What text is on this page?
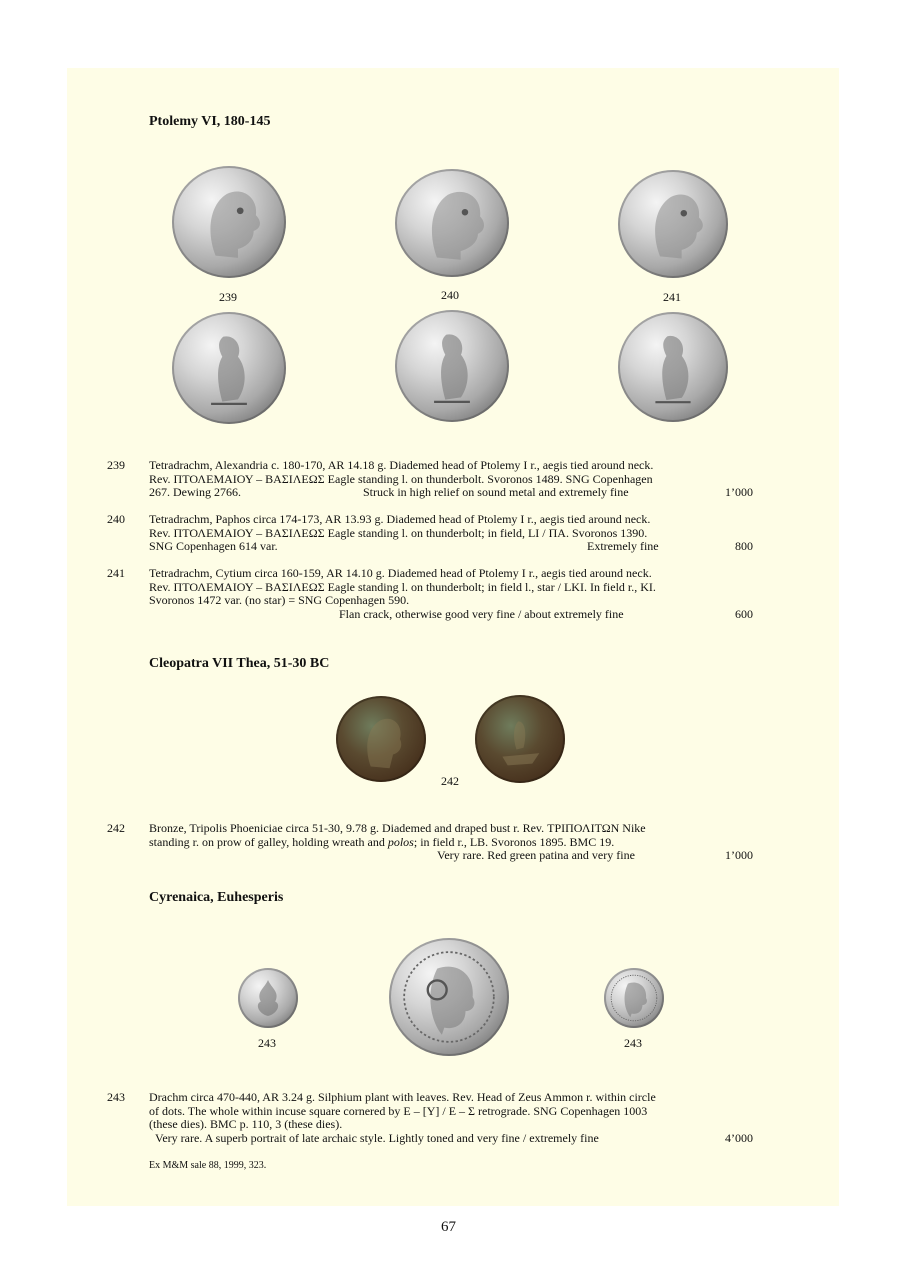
Ptolemy VI, 180-145
239	240	241
239	Tetradrachm, Alexandria c. 180-170, AR 14.18 g. Diademed head of Ptolemy I r., aegis tied around neck.
Rev. ΠΤΟΛΕΜΑΙΟΥ – ΒΑΣΙΛΕΩΣ Eagle standing l. on thunderbolt. Svoronos 1489. SNG Copenhagen
267. Dewing 2766.	Struck in high relief on sound metal and extremely fine	1’000
240	Tetradrachm, Paphos circa 174-173, AR 13.93 g. Diademed head of Ptolemy I r., aegis tied around neck.
Rev. ΠΤΟΛΕΜΑΙΟΥ – ΒΑΣΙΛΕΩΣ Eagle standing l. on thunderbolt; in field, LI / ΠΑ. Svoronos 1390.
SNG Copenhagen 614 var.	Extremely fine	800
241	Tetradrachm, Cytium circa 160-159, AR 14.10 g. Diademed head of Ptolemy I r., aegis tied around neck.
Rev. ΠΤΟΛΕΜΑΙΟΥ – ΒΑΣΙΛΕΩΣ Eagle standing l. on thunderbolt; in field l., star / LKI. In field r., KI.
Svoronos 1472 var. (no star) = SNG Copenhagen 590.
Flan crack, otherwise good very fine / about extremely fine	600
Cleopatra VII Thea, 51-30 BC
242
242	Bronze, Tripolis Phoeniciae circa 51-30, 9.78 g. Diademed and draped bust r. Rev. ΤΡΙΠΟΛΙΤΩΝ Nike
standing r. on prow of galley, holding wreath and polos; in field r., LB. Svoronos 1895. BMC 19.
Very rare. Red green patina and very fine	1’000
Cyrenaica, Euhesperis
243	243
243	Drachm circa 470-440, AR 3.24 g. Silphium plant with leaves. Rev. Head of Zeus Ammon r. within circle
of dots. The whole within incuse square cornered by E – [Y] / E – Σ retrograde. SNG Copenhagen 1003
(these dies). BMC p. 110, 3 (these dies).
Very rare. A superb portrait of late archaic style. Lightly toned and very fine / extremely fine	4’000
Ex M&M sale 88, 1999, 323.
67
